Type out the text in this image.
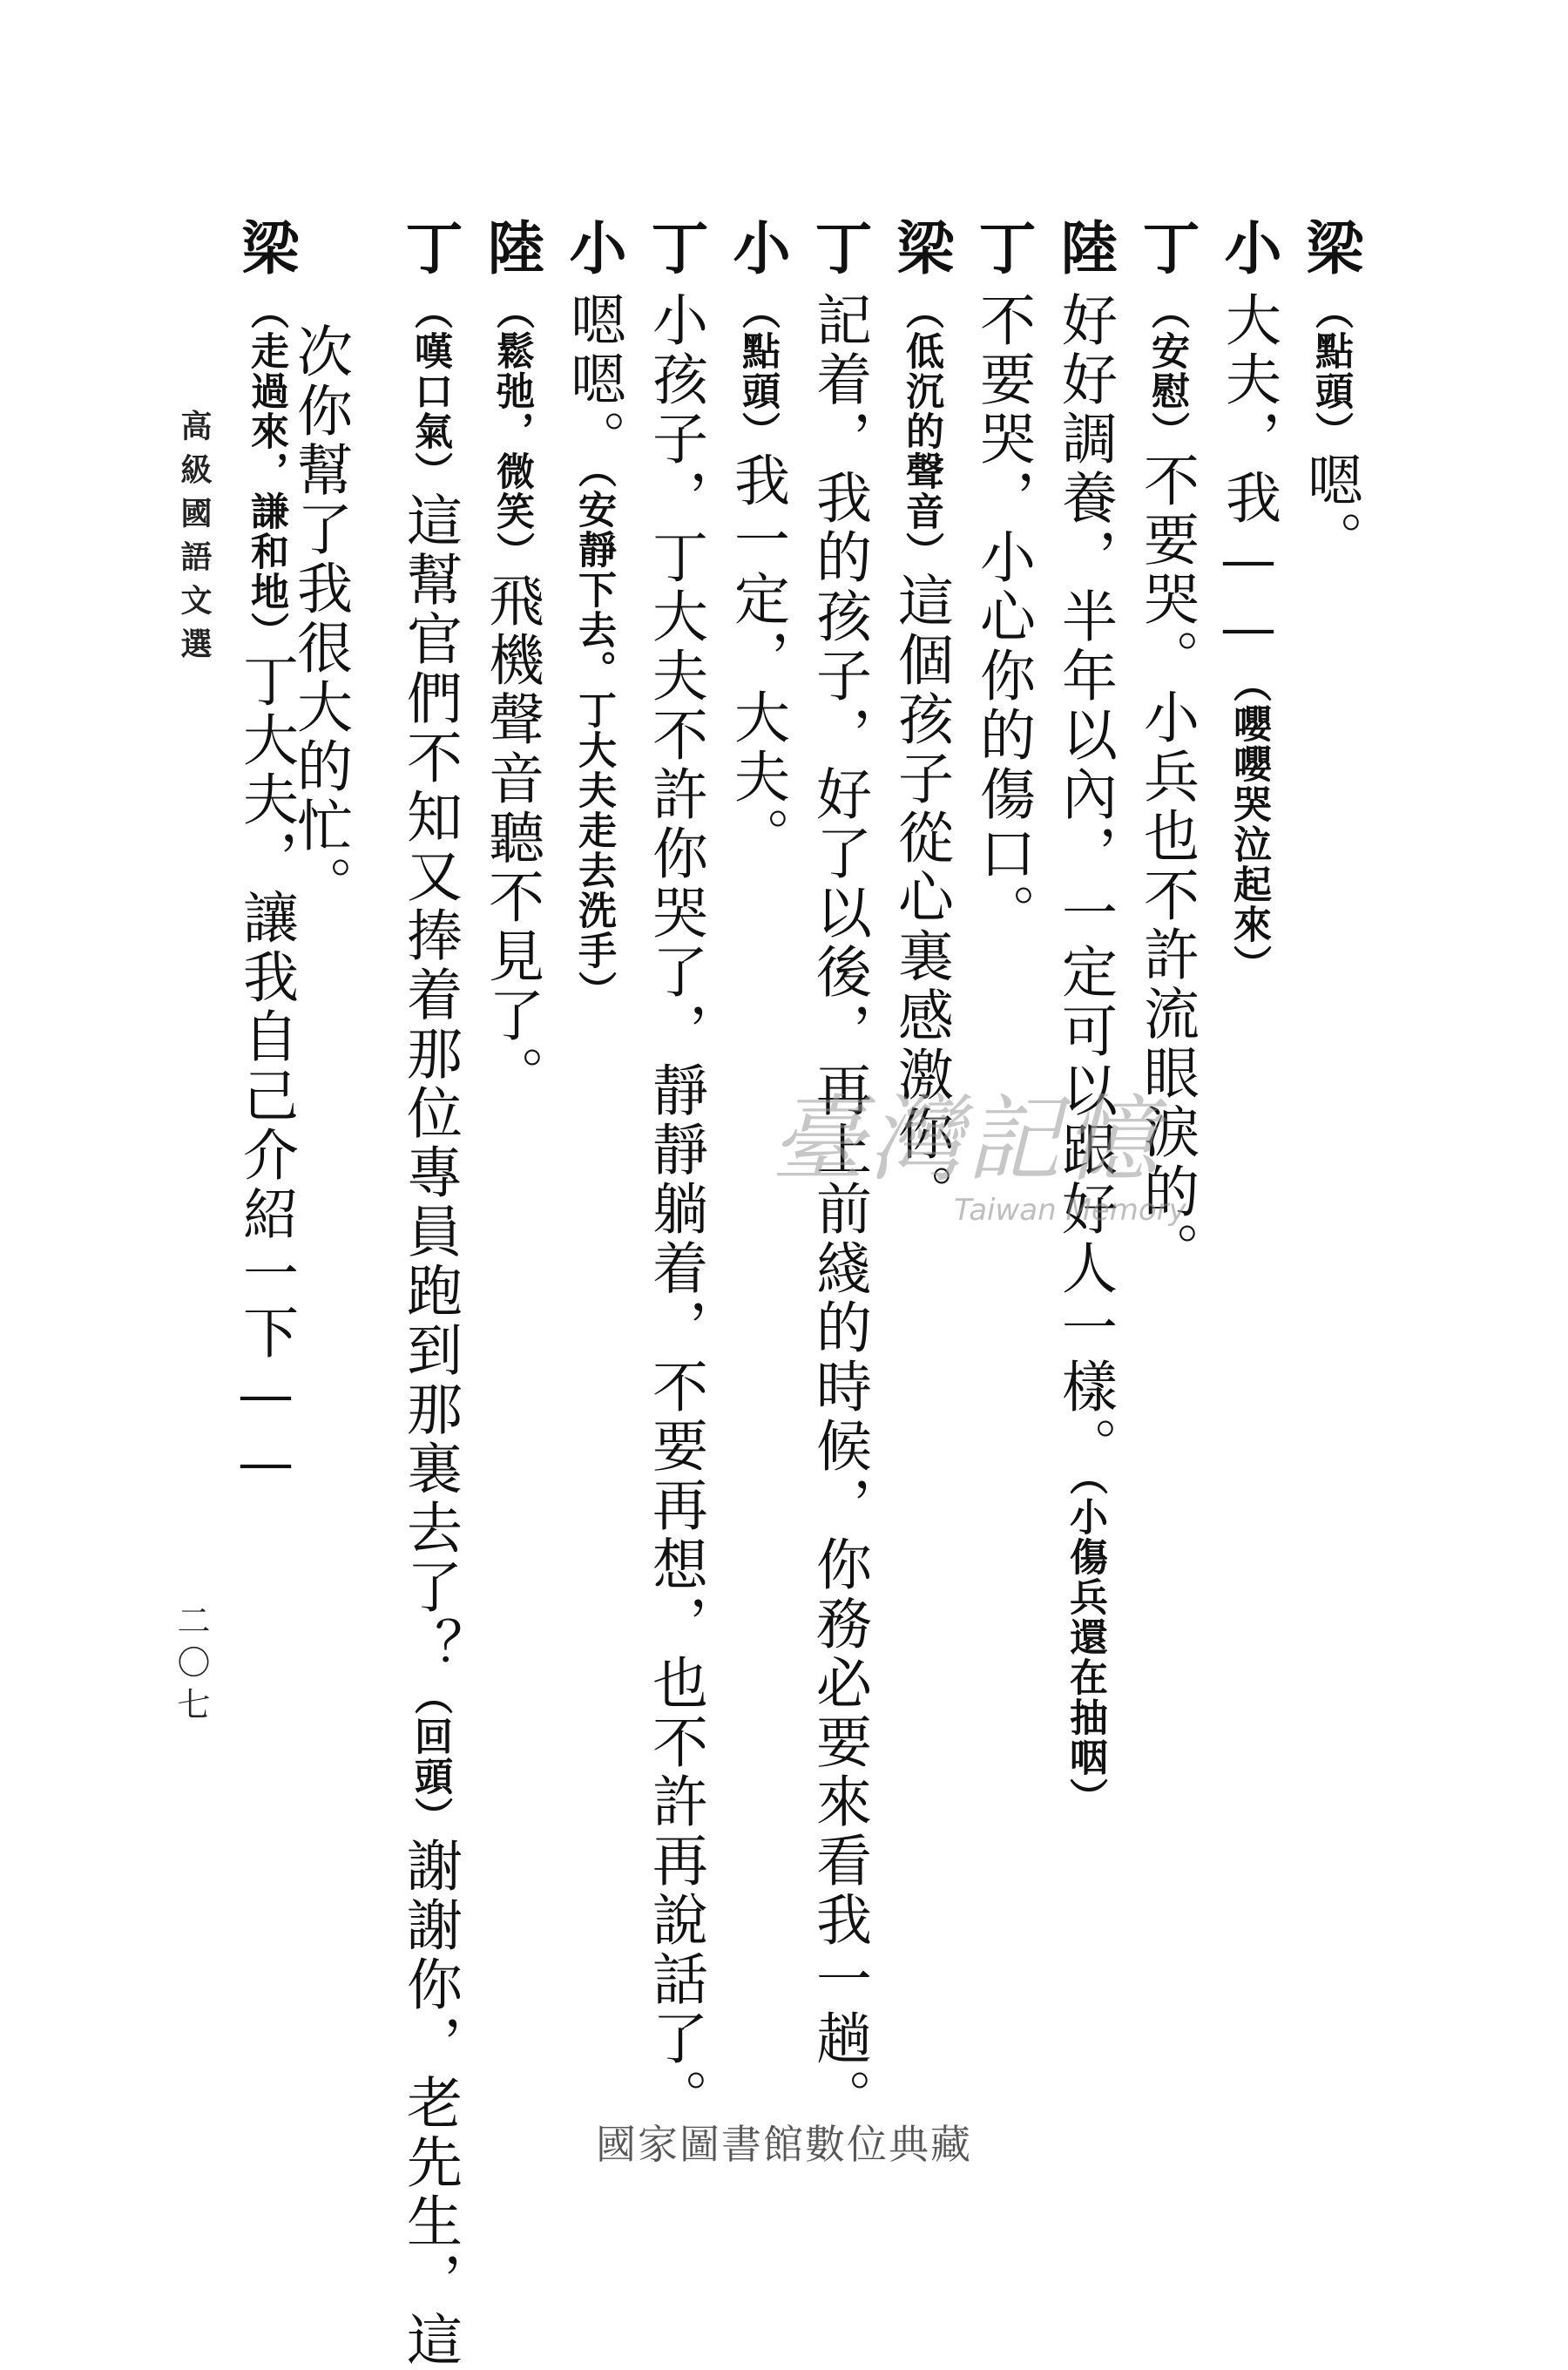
梁（點頭）嗯。
小大夫，我——（嚶嚶哭泣起來）
丁（安慰）不要哭。小兵也不許流眼淚的。
陸好好調養，半年以內，一定可以跟好人一樣。（小傷兵還在抽咽）
丁不要哭，小心你的傷口。
梁（低沉的聲音）這個孩子從心裏感激你。
丁記着，我的孩子，好了以後，再上前綫的時候，你務必要來看我一趟。
小（點頭）我一定，大夫。
丁小孩子，丁大夫不許你哭了，靜靜躺着，不要再想，也不許再說話了。
小嗯嗯。（安靜下去。丁大夫走去洗手）
陸（鬆弛，微笑）飛機聲音聽不見了。
丁（嘆口氣）這幫官們不知又捧着那位專員跑到那裏去了？（回頭）謝謝你，老先生，這
次你幫了我很大的忙。
梁（走過來，謙和地）丁大夫，讓我自己介紹一下——
高級國語文選
二〇七
臺灣記憶
Taiwan Memory
國家圖書館數位典藏
